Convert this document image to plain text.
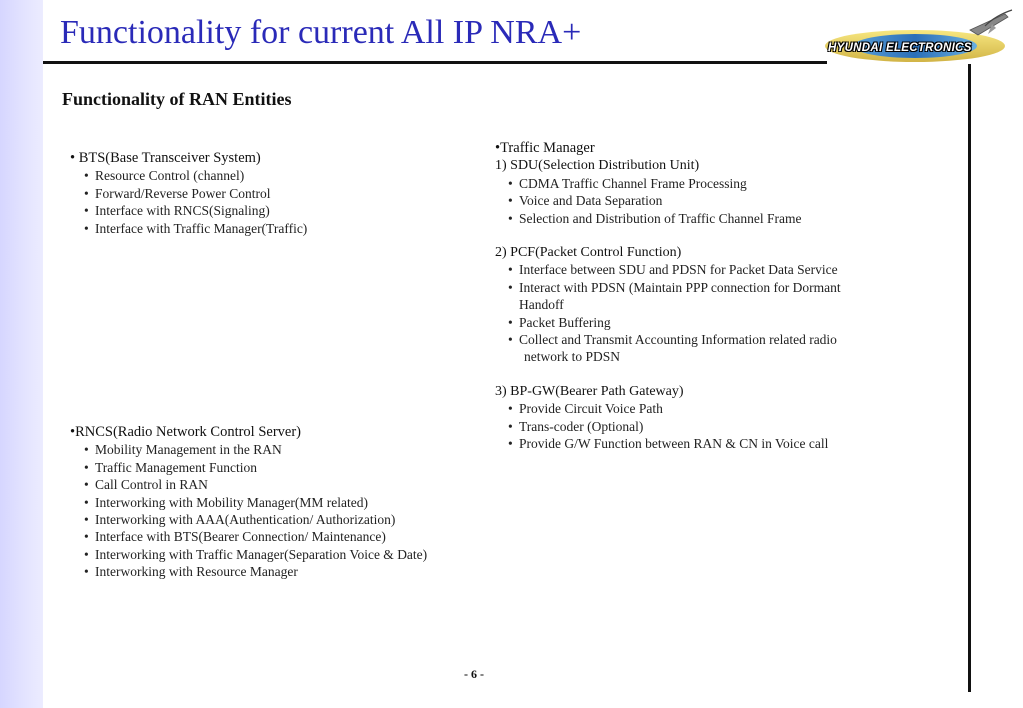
Functionality for current All IP NRA+	HYUNDAI ELECTRONICS
Functionality of RAN Entities
• BTS(Base Transceiver System)
• Resource Control (channel)
• Forward/Reverse Power Control
• Interface with RNCS(Signaling)
• Interface with Traffic Manager(Traffic)
•RNCS(Radio Network Control Server)
• Mobility Management in the RAN
• Traffic Management Function
• Call Control in RAN
• Interworking with Mobility Manager(MM related)
• Interworking with AAA(Authentication/ Authorization)
• Interface with BTS(Bearer Connection/ Maintenance)
• Interworking with Traffic Manager(Separation Voice & Date)
• Interworking with Resource Manager
•Traffic Manager
1) SDU(Selection Distribution Unit)
• CDMA Traffic Channel Frame Processing
• Voice and Data Separation
• Selection and Distribution of Traffic Channel Frame
2) PCF(Packet Control Function)
• Interface between SDU and PDSN for Packet Data Service
• Interact with PDSN (Maintain PPP connection for Dormant
Handoff
• Packet Buffering
• Collect and Transmit Accounting Information related radio
network to PDSN
3) BP-GW(Bearer Path Gateway)
• Provide Circuit Voice Path
• Trans-coder (Optional)
• Provide G/W Function between RAN & CN in Voice call
- 6 -
